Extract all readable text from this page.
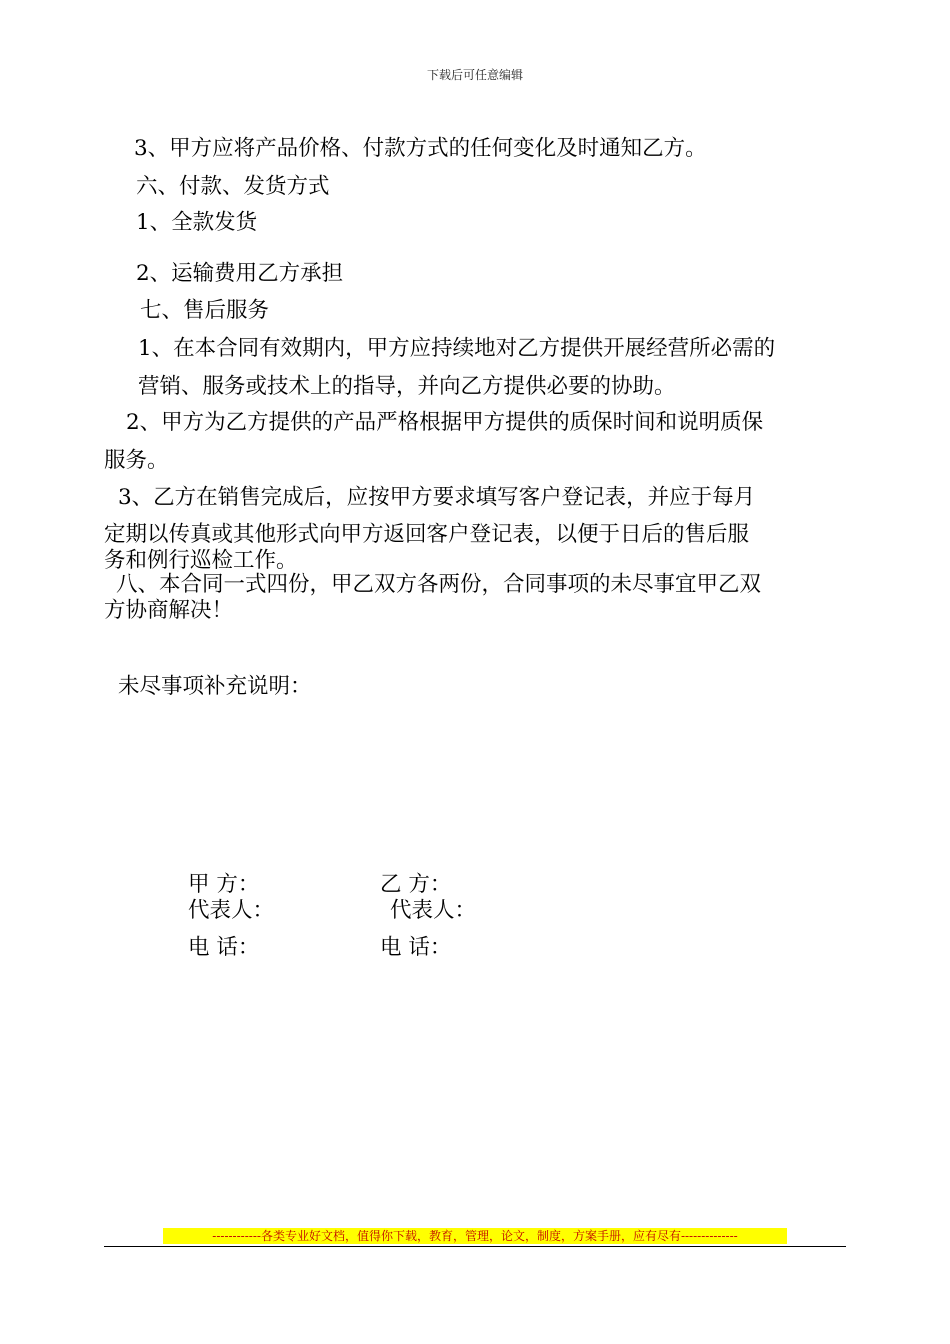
下载后可任意编辑
3、甲方应将产品价格、付款方式的任何变化及时通知乙方。
六、付款、发货方式
1、全款发货
2、运输费用乙方承担
七、售后服务
1、在本合同有效期内，甲方应持续地对乙方提供开展经营所必需的
营销、服务或技术上的指导，并向乙方提供必要的协助。
2、甲方为乙方提供的产品严格根据甲方提供的质保时间和说明质保
服务。
3、乙方在销售完成后，应按甲方要求填写客户登记表，并应于每月
定期以传真或其他形式向甲方返回客户登记表，以便于日后的售后服
务和例行巡检工作。
八、本合同一式四份，甲乙双方各两份，合同事项的未尽事宜甲乙双
方协商解决！
未尽事项补充说明：
甲 方：	乙 方：
代表人：	代表人：
电 话：	电 话：
------------各类专业好文档，值得你下载，教育，管理，论文，制度，方案手册，应有尽有--------------
